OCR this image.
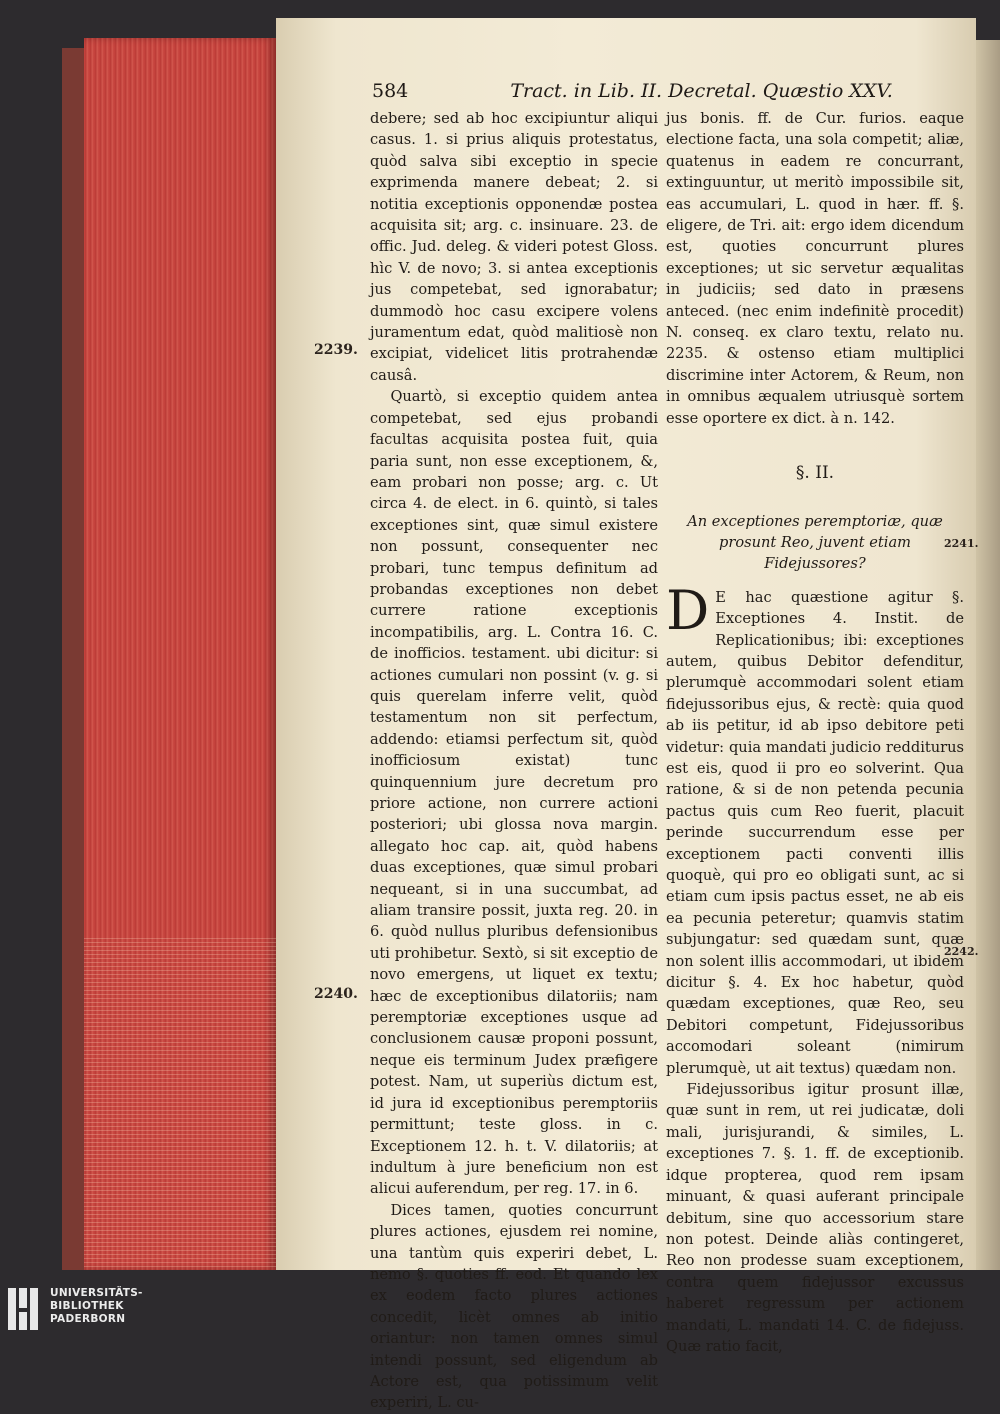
584	Tract. in Lib. II. Decretal. Quæstio XXV.
2239.
2240.
2241.
2242.

debere; sed ab hoc excipiuntur aliqui casus. 1. si prius aliquis protestatus, quòd salva sibi exceptio in specie exprimenda manere debeat; 2. si notitia exceptionis opponendæ postea acquisita sit; arg. c. insinuare. 23. de offic. Jud. deleg. & videri potest Gloss. hìc V. de novo; 3. si antea exceptionis jus competebat, sed ignorabatur; dummodò hoc casu excipere volens juramentum edat, quòd malitiosè non excipiat, videlicet litis protrahendæ causâ.

Quartò, si exceptio quidem antea competebat, sed ejus probandi facultas acquisita postea fuit, quia paria sunt, non esse exceptionem, &, eam probari non posse; arg. c. Ut circa 4. de elect. in 6. quintò, si tales exceptiones sint, quæ simul existere non possunt, consequenter nec probari, tunc tempus definitum ad probandas exceptiones non debet currere ratione exceptionis incompatibilis, arg. L. Contra 16. C. de inofficios. testament. ubi dicitur: si actiones cumulari non possint (v. g. si quis querelam inferre velit, quòd testamentum non sit perfectum, addendo: etiamsi perfectum sit, quòd inofficiosum existat) tunc quinquennium jure decretum pro priore actione, non currere actioni posteriori; ubi glossa nova margin. allegato hoc cap. ait, quòd habens duas exceptiones, quæ simul probari nequeant, si in una succumbat, ad aliam transire possit, juxta reg. 20. in 6. quòd nullus pluribus defensionibus uti prohibetur. Sextò, si sit exceptio de novo emergens, ut liquet ex textu; hæc de exceptionibus dilatoriis; nam peremptoriæ exceptiones usque ad conclusionem causæ proponi possunt, neque eis terminum Judex præfigere potest. Nam, ut superiùs dictum est, id jura id exceptionibus peremptoriis permittunt; teste gloss. in c. Exceptionem 12. h. t. V. dilatoriis; at indultum à jure beneficium non est alicui auferendum, per reg. 17. in 6.

Dices tamen, quoties concurrunt plures actiones, ejusdem rei nomine, una tantùm quis experiri debet, L. nemo §. quoties ff. eod. Et quando lex ex eodem facto plures actiones concedit, licèt omnes ab initio oriantur: non tamen omnes simul intendi possunt, sed eligendum ab Actore est, qua potissimum velit experiri, L. cu-

jus bonis. ff. de Cur. furios. eaque electione facta, una sola competit; aliæ, quatenus in eadem re concurrant, extinguuntur, ut meritò impossibile sit, eas accumulari, L. quod in hær. ff. §. eligere, de Tri. ait: ergo idem dicendum est, quoties concurrunt plures exceptiones; ut sic servetur æqualitas in judiciis; sed dato in præsens anteced. (nec enim indefinitè procedit) N. conseq. ex claro textu, relato nu. 2235. & ostenso etiam multiplici discrimine inter Actorem, & Reum, non in omnibus æqualem utriusquè sortem esse oportere ex dict. à n. 142.

§. II.
An exceptiones peremptoriæ, quæ prosunt Reo, juvent etiam Fidejussores?

D E hac quæstione agitur §. Exceptiones 4. Instit. de Replicationibus; ibi: exceptiones autem, quibus Debitor defenditur, plerumquè accommodari solent etiam fidejussoribus ejus, & rectè: quia quod ab iis petitur, id ab ipso debitore peti videtur: quia mandati judicio redditurus est eis, quod ii pro eo solverint. Qua ratione, & si de non petenda pecunia pactus quis cum Reo fuerit, placuit perinde succurrendum esse per exceptionem pacti conventi illis quoquè, qui pro eo obligati sunt, ac si etiam cum ipsis pactus esset, ne ab eis ea pecunia peteretur; quamvis statim subjungatur: sed quædam sunt, quæ non solent illis accommodari, ut ibidem dicitur §. 4. Ex hoc habetur, quòd quædam exceptiones, quæ Reo, seu Debitori competunt, Fidejussoribus accomodari soleant (nimirum plerumquè, ut ait textus) quædam non.

Fidejussoribus igitur prosunt illæ, quæ sunt in rem, ut rei judicatæ, doli mali, jurisjurandi, & similes, L. exceptiones 7. §. 1. ff. de exceptionib. idque propterea, quod rem ipsam minuant, & quasi auferant principale debitum, sine quo accessorium stare non potest. Deinde aliàs contingeret, Reo non prodesse suam exceptionem, contra quem fidejussor excussus haberet regressum per actionem mandati, L. mandati 14. C. de fidejuss. Quæ ratio facit,

UNIVERSITÄTS-
BIBLIOTHEK
PADERBORN
